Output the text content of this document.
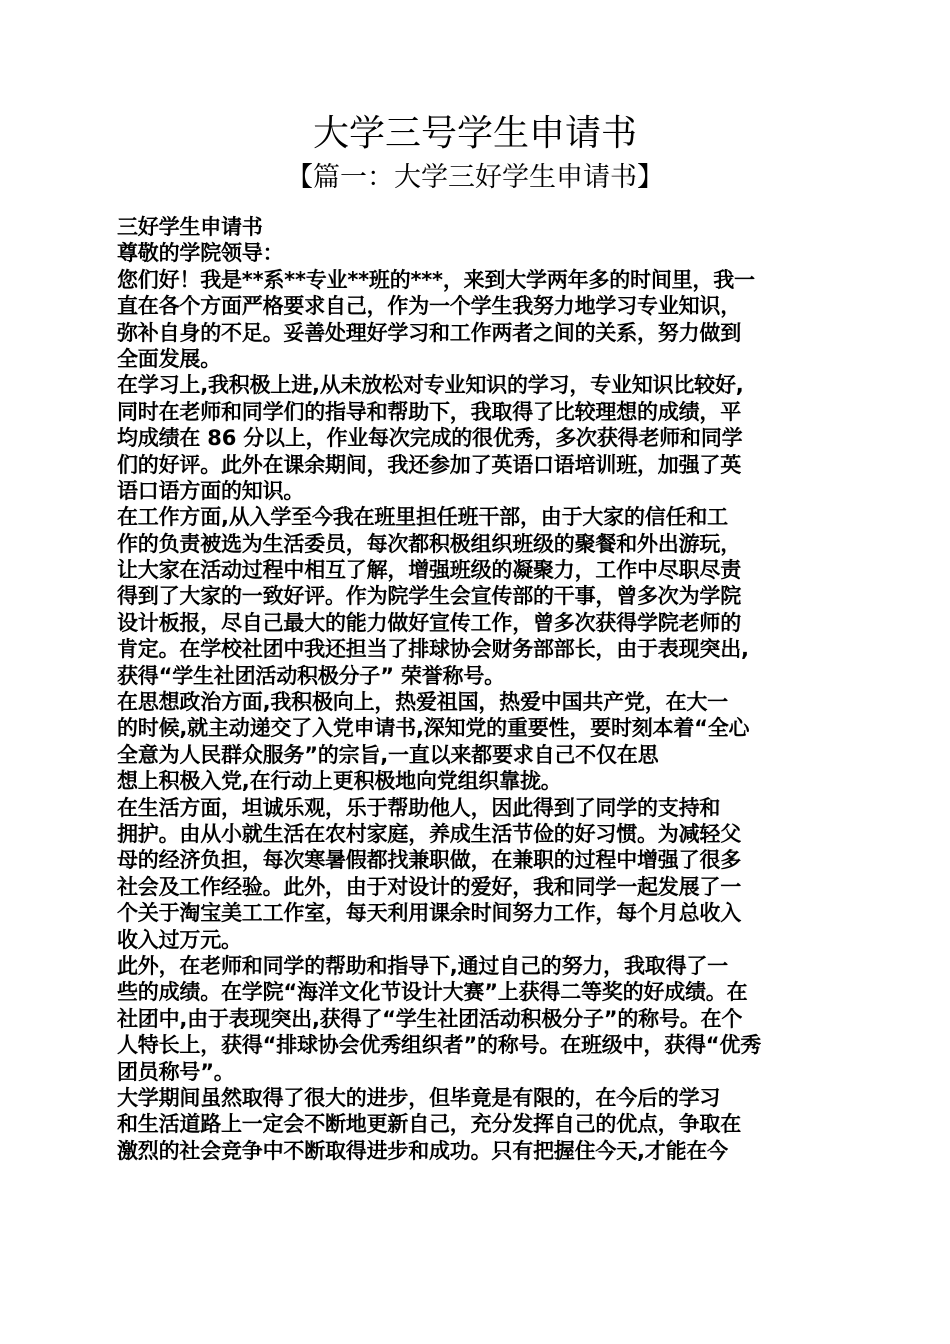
大学三号学生申请书
【篇一：大学三好学生申请书】
三好学生申请书
尊敬的学院领导：
您们好！我是**系**专业**班的***，来到大学两年多的时间里，我一
直在各个方面严格要求自己，作为一个学生我努力地学习专业知识，
弥补自身的不足。妥善处理好学习和工作两者之间的关系，努力做到
全面发展。
在学习上,我积极上进,从未放松对专业知识的学习，专业知识比较好,
同时在老师和同学们的指导和帮助下，我取得了比较理想的成绩，平
均成绩在 86 分以上，作业每次完成的很优秀，多次获得老师和同学
们的好评。此外在课余期间，我还参加了英语口语培训班，加强了英
语口语方面的知识。
在工作方面,从入学至今我在班里担任班干部，由于大家的信任和工
作的负责被选为生活委员，每次都积极组织班级的聚餐和外出游玩，
让大家在活动过程中相互了解，增强班级的凝聚力，工作中尽职尽责
得到了大家的一致好评。作为院学生会宣传部的干事，曾多次为学院
设计板报，尽自己最大的能力做好宣传工作，曾多次获得学院老师的
肯定。在学校社团中我还担当了排球协会财务部部长，由于表现突出,
获得“学生社团活动积极分子” 荣誉称号。
在思想政治方面,我积极向上，热爱祖国，热爱中国共产党，在大一
的时候,就主动递交了入党申请书,深知党的重要性，要时刻本着“全心
全意为人民群众服务”的宗旨,一直以来都要求自己不仅在思
想上积极入党,在行动上更积极地向党组织靠拢。
在生活方面，坦诚乐观，乐于帮助他人，因此得到了同学的支持和
拥护。由从小就生活在农村家庭，养成生活节俭的好习惯。为减轻父
母的经济负担，每次寒暑假都找兼职做，在兼职的过程中增强了很多
社会及工作经验。此外，由于对设计的爱好，我和同学一起发展了一
个关于淘宝美工工作室，每天利用课余时间努力工作，每个月总收入
收入过万元。
此外，在老师和同学的帮助和指导下,通过自己的努力，我取得了一
些的成绩。在学院“海洋文化节设计大赛”上获得二等奖的好成绩。在
社团中,由于表现突出,获得了“学生社团活动积极分子”的称号。在个
人特长上，获得“排球协会优秀组织者”的称号。在班级中，获得“优秀
团员称号”。
大学期间虽然取得了很大的进步，但毕竟是有限的，在今后的学习
和生活道路上一定会不断地更新自己，充分发挥自己的优点，争取在
激烈的社会竞争中不断取得进步和成功。只有把握住今天,才能在今
